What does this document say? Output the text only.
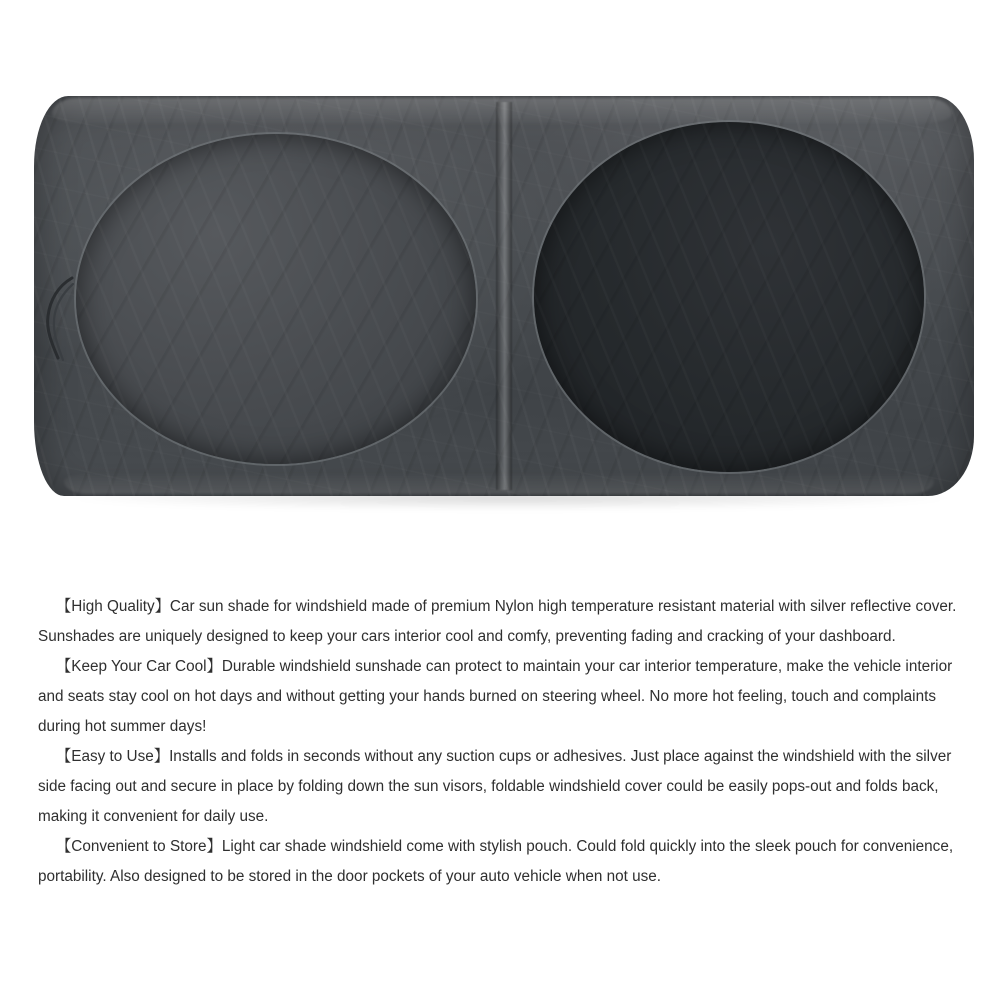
【High Quality】Car sun shade for windshield made of premium Nylon high temperature resistant material with silver reflective cover. Sunshades are uniquely designed to keep your cars interior cool and comfy, preventing fading and cracking of your dashboard.

【Keep Your Car Cool】Durable windshield sunshade can protect to maintain your car interior temperature, make the vehicle interior and seats stay cool on hot days and without getting your hands burned on steering wheel. No more hot feeling, touch and complaints during hot summer days!

【Easy to Use】Installs and folds in seconds without any suction cups or adhesives. Just place against the windshield with the silver side facing out and secure in place by folding down the sun visors, foldable windshield cover could be easily pops-out and folds back, making it convenient for daily use.

【Convenient to Store】Light car shade windshield come with stylish pouch. Could fold quickly into the sleek pouch for convenience, portability. Also designed to be stored in the door pockets of your auto vehicle when not use.
